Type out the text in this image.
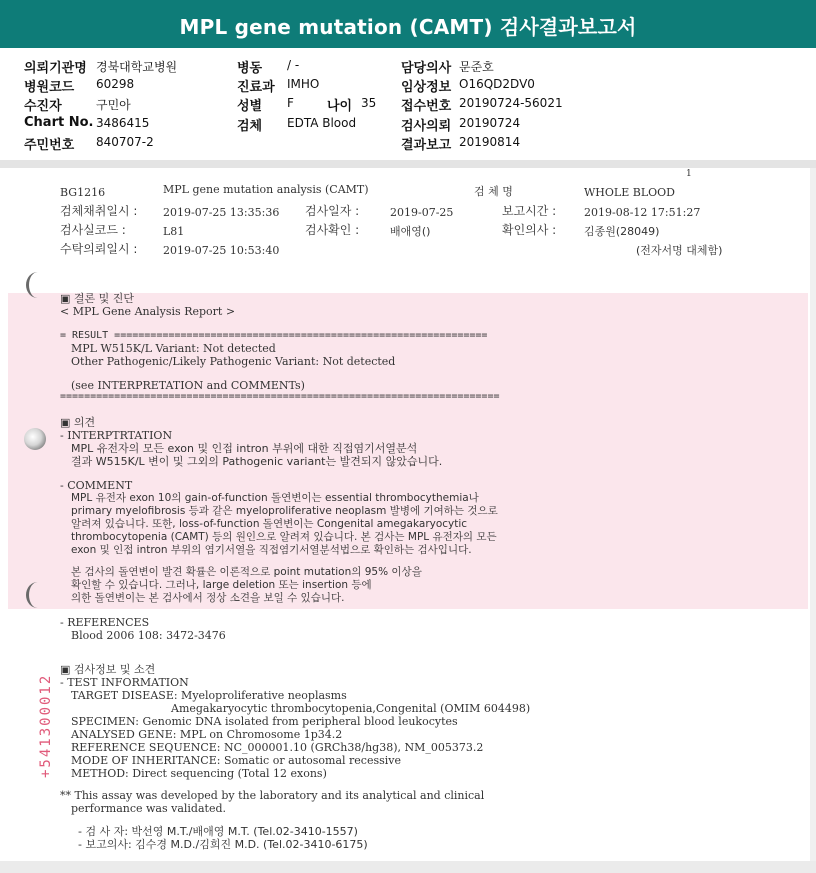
MPL gene mutation (CAMT) 검사결과보고서
의뢰기관명 경북대학교병원
병원코드 60298
수진자	구민아
Chart No. 3486415
주민번호 840707-2
병동 / -
진료과 IMHO
성별 F	나이 35
검체 EDTA Blood
담당의사 문준호
임상정보 O16QD2DV0
접수번호 20190724-56021
검사의뢰 20190724
결과보고 20190814
1
BG1216	MPL gene mutation analysis (CAMT)	검 체 명	WHOLE BLOOD
검체채취일시 : 2019-07-25 13:35:36 검사일자 :	2019-07-25	보고시간 :	2019-08-12 17:51:27
검사실코드 :	L81	검사확인 :	배애영()	확인의사 :	김종원(28049)
수탁의뢰일시 : 2019-07-25 10:53:40	(전자서명 대체함)
▣ 결론 및 진단
< MPL Gene Analysis Report >
= RESULT ==============================================================
MPL W515K/L Variant: Not detected
Other Pathogenic/Likely Pathogenic Variant: Not detected
(see INTERPRETATION and COMMENTs)
=========================================================================
▣ 의견
- INTERPTRTATION
MPL 유전자의 모든 exon 및 인접 intron 부위에 대한 직접염기서열분석
결과 W515K/L 변이 및 그외의 Pathogenic variant는 발견되지 않았습니다.
- COMMENT
MPL 유전자 exon 10의 gain-of-function 돌연변이는 essential thrombocythemia나
primary myelofibrosis 등과 같은 myeloproliferative neoplasm 발병에 기여하는 것으로
알려져 있습니다. 또한, loss-of-function 돌연변이는 Congenital amegakaryocytic
thrombocytopenia (CAMT) 등의 원인으로 알려져 있습니다. 본 검사는 MPL 유전자의 모든
exon 및 인접 intron 부위의 염기서열을 직접염기서열분석법으로 확인하는 검사입니다.
본 검사의 돌연변이 발견 확률은 이론적으로 point mutation의 95% 이상을
확인할 수 있습니다. 그러나, large deletion 또는 insertion 등에
의한 돌연변이는 본 검사에서 정상 소견을 보일 수 있습니다.
- REFERENCES
Blood 2006 108: 3472-3476
▣ 검사정보 및 소견
- TEST INFORMATION
TARGET DISEASE: Myeloproliferative neoplasms
Amegakaryocytic thrombocytopenia,Congenital (OMIM 604498)
SPECIMEN: Genomic DNA isolated from peripheral blood leukocytes
ANALYSED GENE: MPL on Chromosome 1p34.2
REFERENCE SEQUENCE: NC_000001.10 (GRCh38/hg38), NM_005373.2
MODE OF INHERITANCE: Somatic or autosomal recessive
METHOD: Direct sequencing (Total 12 exons)
** This assay was developed by the laboratory and its analytical and clinical
performance was validated.
- 검 사 자: 박선영 M.T./배애영 M.T. (Tel.02-3410-1557)
- 보고의사: 김수경 M.D./김희진 M.D. (Tel.02-3410-6175)
+541300012
